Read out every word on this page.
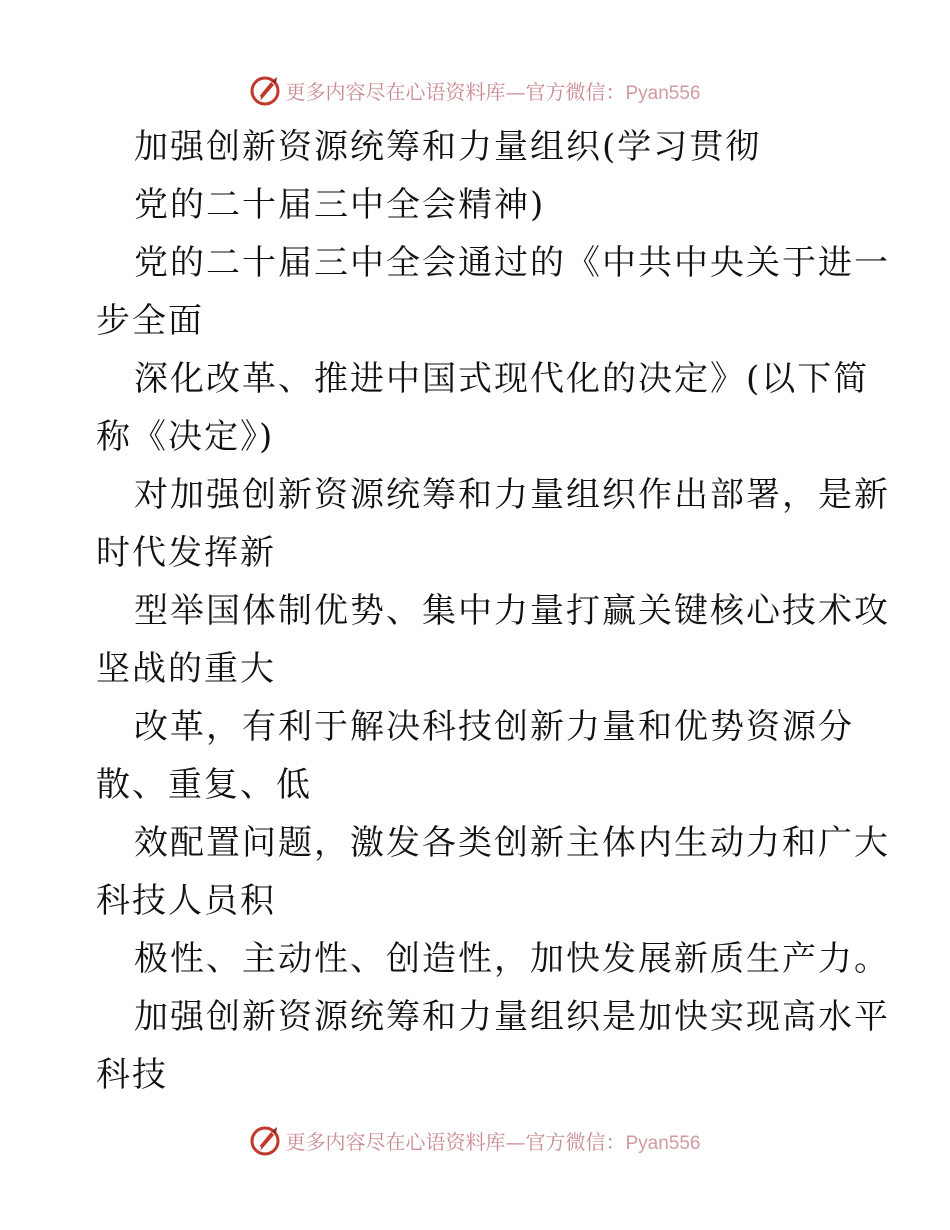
更多内容尽在心语资料库—官方微信：Pyan556
加强创新资源统筹和力量组织(学习贯彻
党的二十届三中全会精神)
党的二十届三中全会通过的《中共中央关于进一
步全面
深化改革、推进中国式现代化的决定》(以下简
称《决定》)
对加强创新资源统筹和力量组织作出部署，是新
时代发挥新
型举国体制优势、集中力量打赢关键核心技术攻
坚战的重大
改革，有利于解决科技创新力量和优势资源分
散、重复、低
效配置问题，激发各类创新主体内生动力和广大
科技人员积
极性、主动性、创造性，加快发展新质生产力。
加强创新资源统筹和力量组织是加快实现高水平
科技
更多内容尽在心语资料库—官方微信：Pyan556
